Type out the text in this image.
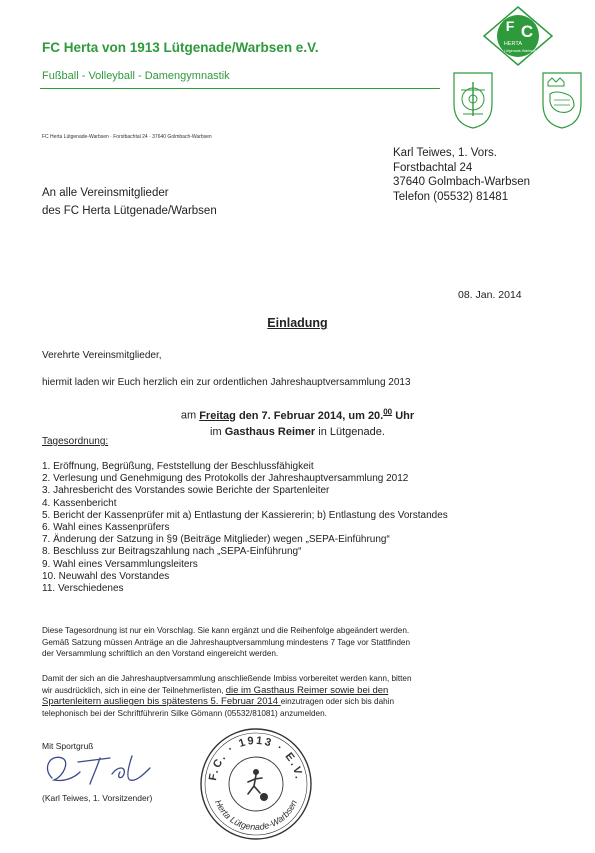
FC Herta von 1913 Lütgenade/Warbsen e.V.
Fußball - Volleyball - Damengymnastik
F C
HERTA
Lütgenade-Warbsen
FC Herta Lütgenade-Warbsen · Forstbachtal 24 · 37640 Golmbach-Warbsen
Karl Teiwes, 1. Vors.
Forstbachtal 24
37640 Golmbach-Warbsen
Telefon (05532) 81481
An alle Vereinsmitglieder
des FC Herta Lütgenade/Warbsen
08. Jan. 2014
Einladung
Verehrte Vereinsmitglieder,
hiermit laden wir Euch herzlich ein zur ordentlichen Jahreshauptversammlung 2013
am Freitag den 7. Februar 2014, um 20.00 Uhr
im Gasthaus Reimer in Lütgenade.
Tagesordnung:
1. Eröffnung, Begrüßung, Feststellung der Beschlussfähigkeit
2. Verlesung und Genehmigung des Protokolls der Jahreshauptversammlung 2012
3. Jahresbericht des Vorstandes sowie Berichte der Spartenleiter
4. Kassenbericht
5. Bericht der Kassenprüfer mit a) Entlastung der Kassiererin; b) Entlastung des Vorstandes
6. Wahl eines Kassenprüfers
7. Änderung der Satzung in §9 (Beiträge Mitglieder) wegen „SEPA-Einführung“
8. Beschluss zur Beitragszahlung nach „SEPA-Einführung“
9. Wahl eines Versammlungsleiters
10. Neuwahl des Vorstandes
11. Verschiedenes
Diese Tagesordnung ist nur ein Vorschlag. Sie kann ergänzt und die Reihenfolge abgeändert werden.
Gemäß Satzung müssen Anträge an die Jahreshauptversammlung mindestens 7 Tage vor Stattfinden
der Versammlung schriftlich an den Vorstand eingereicht werden.
Damit der sich an die Jahreshauptversammlung anschließende Imbiss vorbereitet werden kann, bitten
wir ausdrücklich, sich in eine der Teilnehmerlisten, die im Gasthaus Reimer sowie bei den
Spartenleitern ausliegen bis spätestens 5. Februar 2014 einzutragen oder sich bis dahin
telephonisch bei der Schriftführerin Silke Gömann (05532/81081) anzumelden.
Mit Sportgruß
(Karl Teiwes, 1. Vorsitzender)
F.C. · 1913 · E.V.
Herta Lütgenade-Warbsen
